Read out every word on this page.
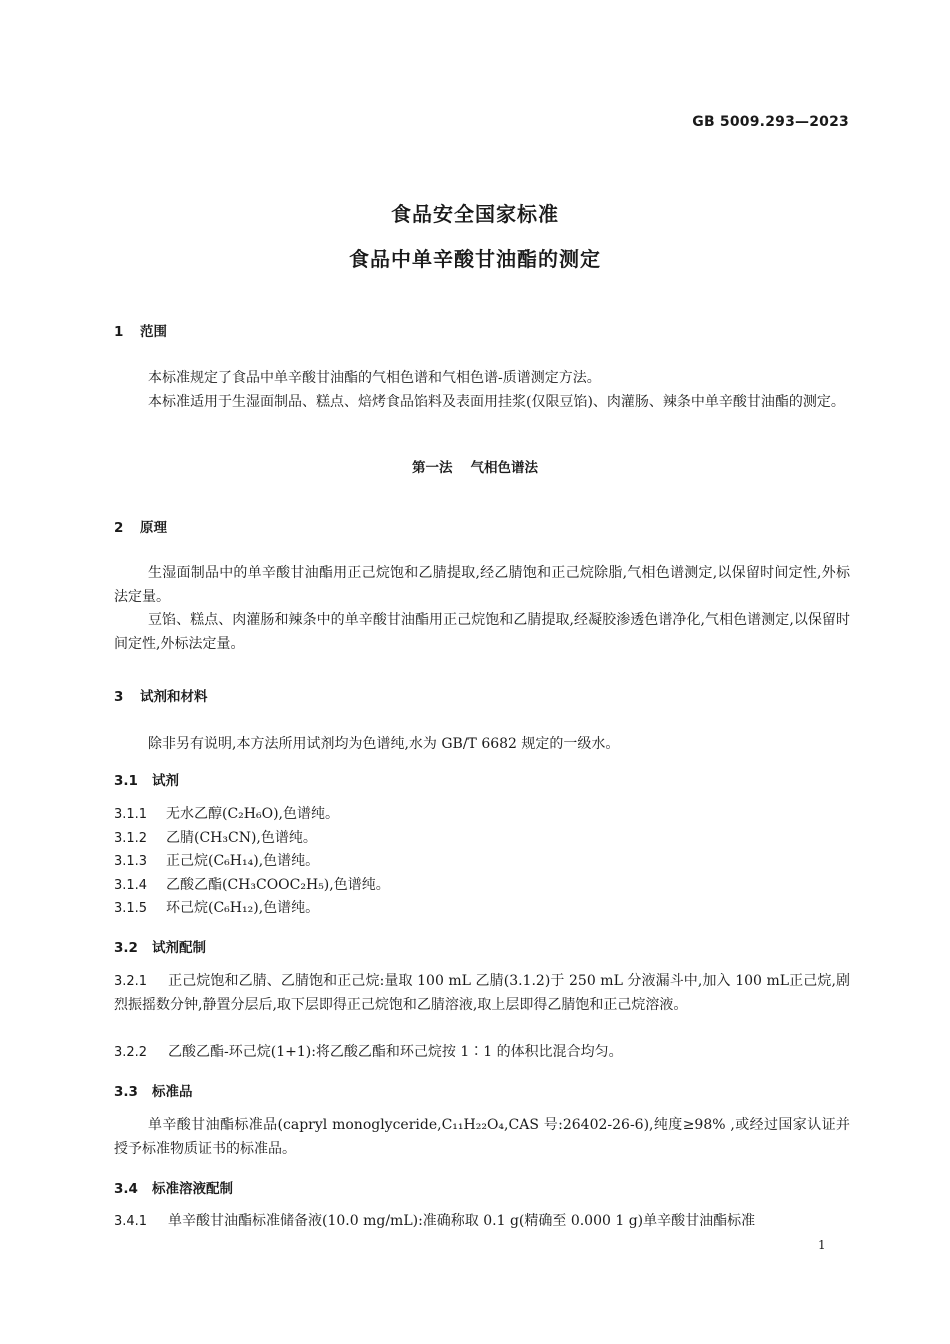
GB 5009.293—2023
食品安全国家标准
食品中单辛酸甘油酯的测定
1 范围
本标准规定了食品中单辛酸甘油酯的气相色谱和气相色谱-质谱测定方法。
本标准适用于生湿面制品、糕点、焙烤食品馅料及表面用挂浆(仅限豆馅)、肉灌肠、辣条中单辛酸甘油酯的测定。
第一法 气相色谱法
2 原理
生湿面制品中的单辛酸甘油酯用正己烷饱和乙腈提取,经乙腈饱和正己烷除脂,气相色谱测定,以保留时间定性,外标法定量。
豆馅、糕点、肉灌肠和辣条中的单辛酸甘油酯用正己烷饱和乙腈提取,经凝胶渗透色谱净化,气相色谱测定,以保留时间定性,外标法定量。
3 试剂和材料
除非另有说明,本方法所用试剂均为色谱纯,水为 GB/T 6682 规定的一级水。
3.1 试剂
3.1.1 无水乙醇(C₂H₆O),色谱纯。
3.1.2 乙腈(CH₃CN),色谱纯。
3.1.3 正己烷(C₆H₁₄),色谱纯。
3.1.4 乙酸乙酯(CH₃COOC₂H₅),色谱纯。
3.1.5 环己烷(C₆H₁₂),色谱纯。
3.2 试剂配制
3.2.1 正己烷饱和乙腈、乙腈饱和正己烷:量取 100 mL 乙腈(3.1.2)于 250 mL 分液漏斗中,加入 100 mL正己烷,剧烈振摇数分钟,静置分层后,取下层即得正己烷饱和乙腈溶液,取上层即得乙腈饱和正己烷溶液。
3.2.2 乙酸乙酯-环己烷(1+1):将乙酸乙酯和环己烷按 1∶1 的体积比混合均匀。
3.3 标准品
单辛酸甘油酯标准品(capryl monoglyceride,C₁₁H₂₂O₄,CAS 号:26402-26-6),纯度≥98% ,或经过国家认证并授予标准物质证书的标准品。
3.4 标准溶液配制
3.4.1 单辛酸甘油酯标准储备液(10.0 mg/mL):准确称取 0.1 g(精确至 0.000 1 g)单辛酸甘油酯标准
1
